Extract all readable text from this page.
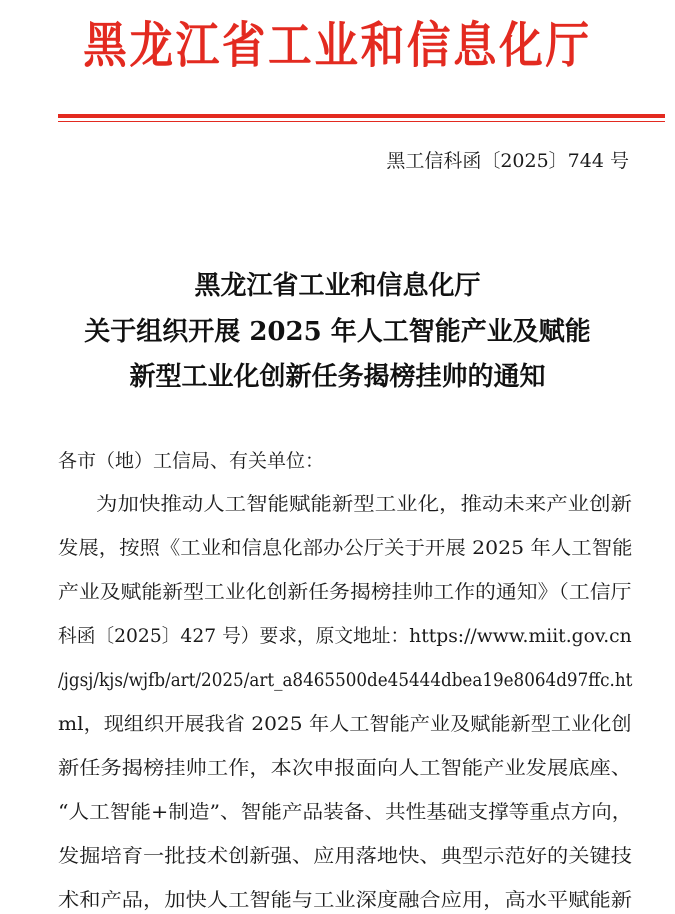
黑龙江省工业和信息化厅
黑工信科函〔2025〕744 号
黑龙江省工业和信息化厅
关于组织开展 2025 年人工智能产业及赋能
新型工业化创新任务揭榜挂帅的通知
各市（地）工信局、有关单位：
为加快推动人工智能赋能新型工业化，推动未来产业创新
发展，按照《工业和信息化部办公厅关于开展 2025 年人工智能
产业及赋能新型工业化创新任务揭榜挂帅工作的通知》（工信厅
科函〔2025〕427 号）要求，原文地址：https://www.miit.gov.cn
/jgsj/kjs/wjfb/art/2025/art_a8465500de45444dbea19e8064d97ffc.ht
ml，现组织开展我省 2025 年人工智能产业及赋能新型工业化创
新任务揭榜挂帅工作，本次申报面向人工智能产业发展底座、
“人工智能+制造”、智能产品装备、共性基础支撑等重点方向，
发掘培育一批技术创新强、应用落地快、典型示范好的关键技
术和产品，加快人工智能与工业深度融合应用，高水平赋能新
